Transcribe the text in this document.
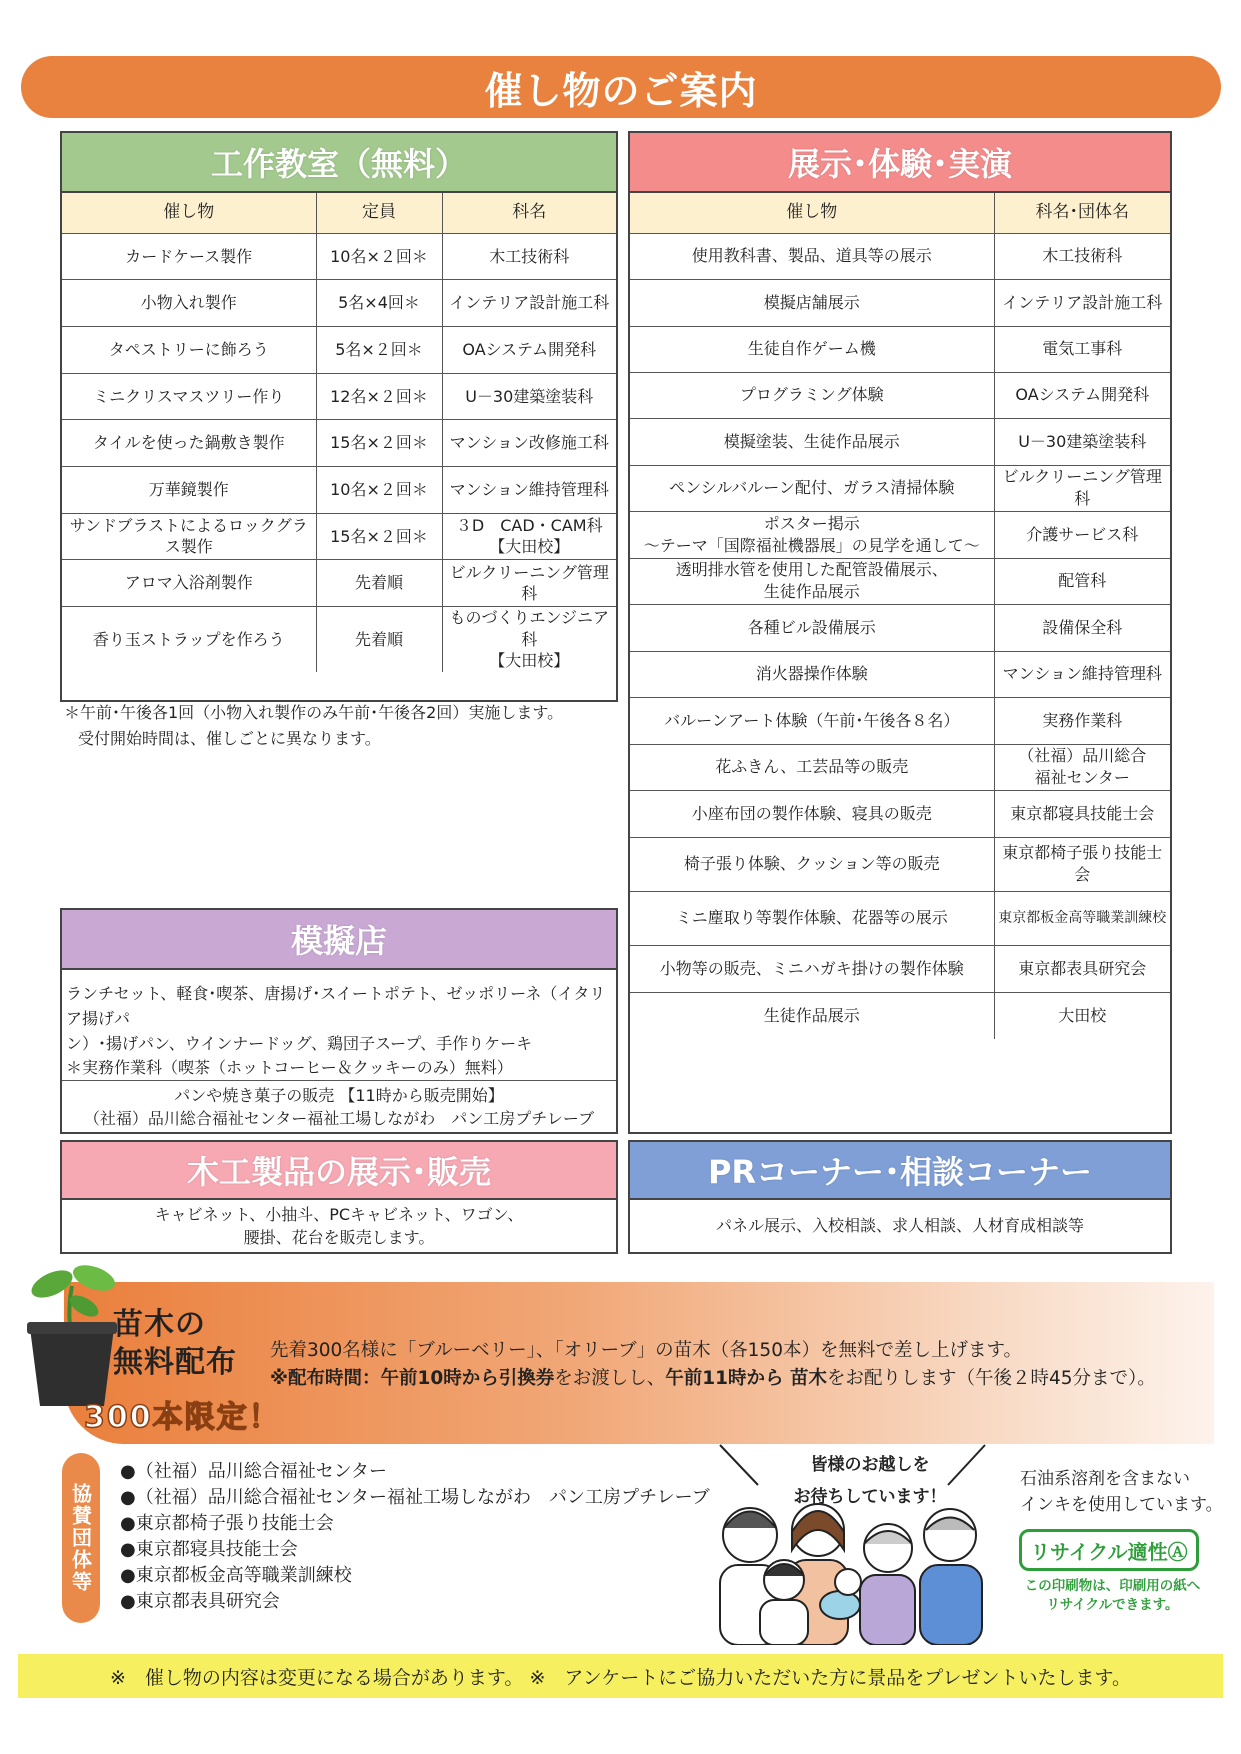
催し物のご案内
工作教室（無料）
催し物	定員	科名
カードケース製作	10名×２回＊	木工技術科
小物入れ製作	5名×4回＊	インテリア設計施工科
タペストリーに飾ろう	5名×２回＊	OAシステム開発科
ミニクリスマスツリー作り	12名×２回＊	U－30建築塗装科
タイルを使った鍋敷き製作	15名×２回＊	マンション改修施工科
万華鏡製作	10名×２回＊	マンション維持管理科
サンドブラストによるロックグラス製作	15名×２回＊	３D　CAD・CAM科
【大田校】
アロマ入浴剤製作	先着順	ビルクリーニング管理科
香り玉ストラップを作ろう	先着順	ものづくりエンジニア科
【大田校】
＊午前･午後各1回（小物入れ製作のみ午前･午後各2回）実施します。
受付開始時間は、催しごとに異なります。
展示･体験･実演
催し物	科名･団体名
使用教科書、製品、道具等の展示	木工技術科
模擬店舗展示	インテリア設計施工科
生徒自作ゲーム機	電気工事科
プログラミング体験	OAシステム開発科
模擬塗装、生徒作品展示	U－30建築塗装科
ペンシルバルーン配付、ガラス清掃体験	ビルクリーニング管理科
ポスター掲示
～テーマ「国際福祉機器展」の見学を通して～	介護サービス科
透明排水管を使用した配管設備展示、
生徒作品展示	配管科
各種ビル設備展示	設備保全科
消火器操作体験	マンション維持管理科
バルーンアート体験（午前･午後各８名）	実務作業科
花ふきん、工芸品等の販売	（社福）品川総合
福祉センター
小座布団の製作体験、寝具の販売	東京都寝具技能士会
椅子張り体験、クッション等の販売	東京都椅子張り技能士会
ミニ塵取り等製作体験、花器等の展示	東京都板金高等職業訓練校
小物等の販売、ミニハガキ掛けの製作体験	東京都表具研究会
生徒作品展示	大田校
模擬店
ランチセット、軽食･喫茶、唐揚げ･スイートポテト、ゼッポリーネ（イタリア揚げパ
ン）･揚げパン、ウインナードッグ、鶏団子スープ、手作りケーキ
＊実務作業科（喫茶（ホットコーヒー＆クッキーのみ）無料）
パンや焼き菓子の販売 【11時から販売開始】
（社福）品川総合福祉センター福祉工場しながわ　パン工房プチレーブ
木工製品の展示･販売
キャビネット、小抽斗、PCキャビネット、ワゴン、
腰掛、花台を販売します。
PRコーナー･相談コーナー
パネル展示、入校相談、求人相談、人材育成相談等
苗木の
無料配布
300本限定！
先着300名様に「ブルーベリー」、「オリーブ」の苗木（各150本）を無料で差し上げます。
※配布時間：午前10時から引換券をお渡しし、午前11時から 苗木をお配りします（午後２時45分まで）。
協賛団体等
●（社福）品川総合福祉センター
●（社福）品川総合福祉センター福祉工場しながわ　パン工房プチレーブ
●東京都椅子張り技能士会
●東京都寝具技能士会
●東京都板金高等職業訓練校
●東京都表具研究会
皆様のお越しを
お待ちしています！
石油系溶剤を含まない
インキを使用しています。
リサイクル適性Ⓐ
この印刷物は、印刷用の紙へ
リサイクルできます。
※　催し物の内容は変更になる場合があります。 ※　アンケートにご協力いただいた方に景品をプレゼントいたします。
